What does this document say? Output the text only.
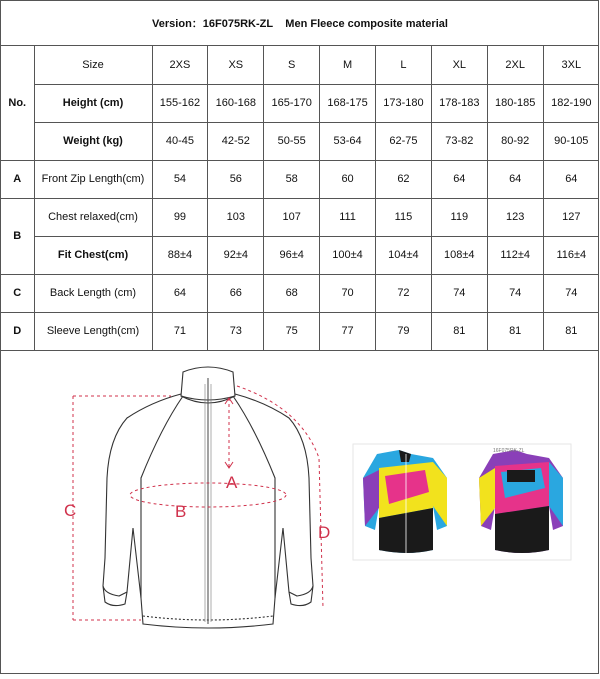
Version：16F075RK-ZL    Men Fleece composite material
No.	Size	2XS	XS	S	M	L	XL	2XL	3XL
	Height (cm)	155-162	160-168	165-170	168-175	173-180	178-183	180-185	182-190
	Weight (kg)	40-45	42-52	50-55	53-64	62-75	73-82	80-92	90-105
A	Front Zip Length(cm)	54	56	58	60	62	64	64	64
B	Chest relaxed(cm)	99	103	107	111	115	119	123	127
	Fit Chest(cm)	88±4	92±4	96±4	100±4	104±4	108±4	112±4	116±4
C	Back Length (cm)	64	66	68	70	72	74	74	74
D	Sleeve Length(cm)	71	73	75	77	79	81	81	81
A
B
C
D
16F075RK-ZL
